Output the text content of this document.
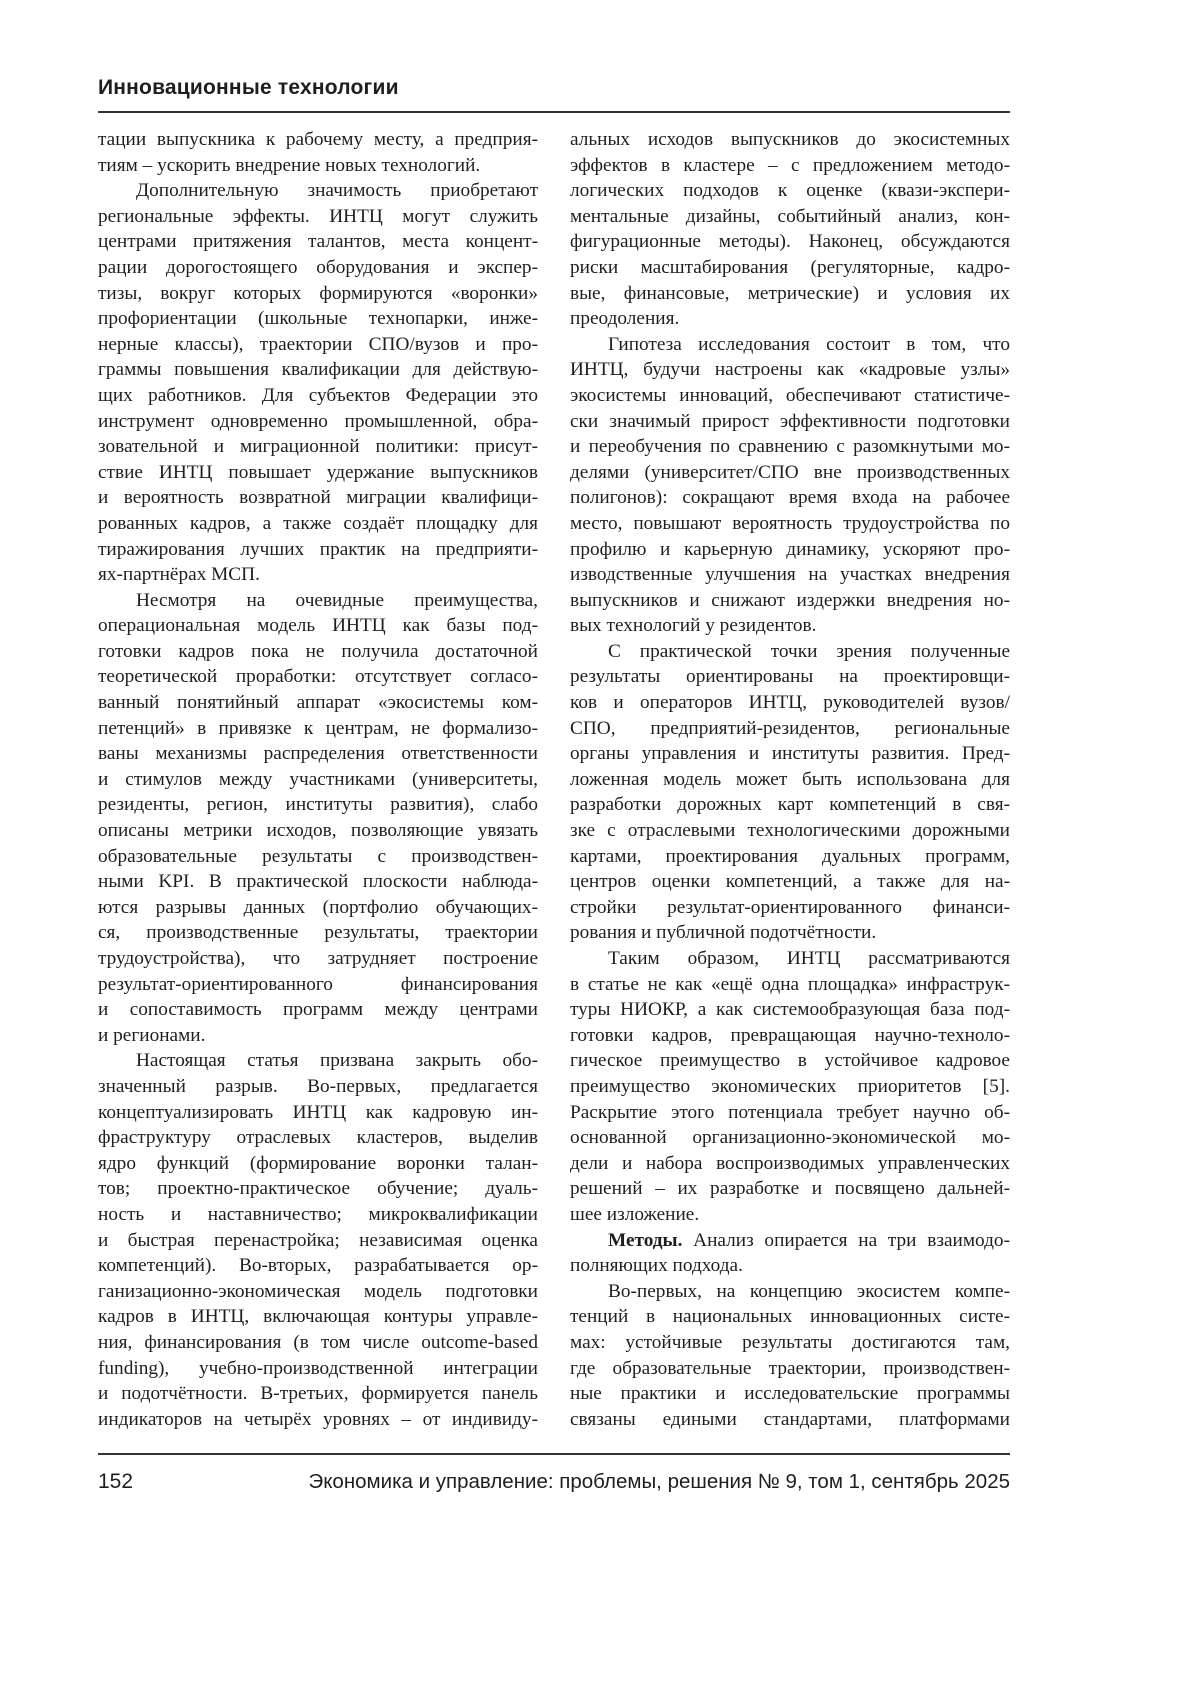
Инновационные технологии
тации выпускника к рабочему месту, а предприя-
тиям – ускорить внедрение новых технологий.
Дополнительную значимость приобретают
региональные эффекты. ИНТЦ могут служить
центрами притяжения талантов, места концент-
рации дорогостоящего оборудования и экспер-
тизы, вокруг которых формируются «воронки»
профориентации (школьные технопарки, инже-
нерные классы), траектории СПО/вузов и про-
граммы повышения квалификации для действую-
щих работников. Для субъектов Федерации это
инструмент одновременно промышленной, обра-
зовательной и миграционной политики: присут-
ствие ИНТЦ повышает удержание выпускников
и вероятность возвратной миграции квалифици-
рованных кадров, а также создаёт площадку для
тиражирования лучших практик на предприяти-
ях-партнёрах МСП.
Несмотря на очевидные преимущества,
операциональная модель ИНТЦ как базы под-
готовки кадров пока не получила достаточной
теоретической проработки: отсутствует согласо-
ванный понятийный аппарат «экосистемы ком-
петенций» в привязке к центрам, не формализо-
ваны механизмы распределения ответственности
и стимулов между участниками (университеты,
резиденты, регион, институты развития), слабо
описаны метрики исходов, позволяющие увязать
образовательные результаты с производствен-
ными KPI. В практической плоскости наблюда-
ются разрывы данных (портфолио обучающих-
ся, производственные результаты, траектории
трудоустройства), что затрудняет построение
результат-ориентированного финансирования
и сопоставимость программ между центрами
и регионами.
Настоящая статья призвана закрыть обо-
значенный разрыв. Во-первых, предлагается
концептуализировать ИНТЦ как кадровую ин-
фраструктуру отраслевых кластеров, выделив
ядро функций (формирование воронки талан-
тов; проектно-практическое обучение; дуаль-
ность и наставничество; микроквалификации
и быстрая перенастройка; независимая оценка
компетенций). Во-вторых, разрабатывается ор-
ганизационно-экономическая модель подготовки
кадров в ИНТЦ, включающая контуры управле-
ния, финансирования (в том числе outcome-based
funding), учебно-производственной интеграции
и подотчётности. В-третьих, формируется панель
индикаторов на четырёх уровнях – от индивиду-
альных исходов выпускников до экосистемных
эффектов в кластере – с предложением методо-
логических подходов к оценке (квази-экспери-
ментальные дизайны, событийный анализ, кон-
фигурационные методы). Наконец, обсуждаются
риски масштабирования (регуляторные, кадро-
вые, финансовые, метрические) и условия их
преодоления.
Гипотеза исследования состоит в том, что
ИНТЦ, будучи настроены как «кадровые узлы»
экосистемы инноваций, обеспечивают статистиче-
ски значимый прирост эффективности подготовки
и переобучения по сравнению с разомкнутыми мо-
делями (университет/СПО вне производственных
полигонов): сокращают время входа на рабочее
место, повышают вероятность трудоустройства по
профилю и карьерную динамику, ускоряют про-
изводственные улучшения на участках внедрения
выпускников и снижают издержки внедрения но-
вых технологий у резидентов.
С практической точки зрения полученные
результаты ориентированы на проектировщи-
ков и операторов ИНТЦ, руководителей вузов/
СПО, предприятий-резидентов, региональные
органы управления и институты развития. Пред-
ложенная модель может быть использована для
разработки дорожных карт компетенций в свя-
зке с отраслевыми технологическими дорожными
картами, проектирования дуальных программ,
центров оценки компетенций, а также для на-
стройки результат-ориентированного финанси-
рования и публичной подотчётности.
Таким образом, ИНТЦ рассматриваются
в статье не как «ещё одна площадка» инфраструк-
туры НИОКР, а как системообразующая база под-
готовки кадров, превращающая научно-техноло-
гическое преимущество в устойчивое кадровое
преимущество экономических приоритетов [5].
Раскрытие этого потенциала требует научно об-
основанной организационно-экономической мо-
дели и набора воспроизводимых управленческих
решений – их разработке и посвящено дальней-
шее изложение.
Методы. Анализ опирается на три взаимодо-
полняющих подхода.
Во-первых, на концепцию экосистем компе-
тенций в национальных инновационных систе-
мах: устойчивые результаты достигаются там,
где образовательные траектории, производствен-
ные практики и исследовательские программы
связаны едиными стандартами, платформами
152	Экономика и управление: проблемы, решения № 9, том 1, сентябрь 2025
